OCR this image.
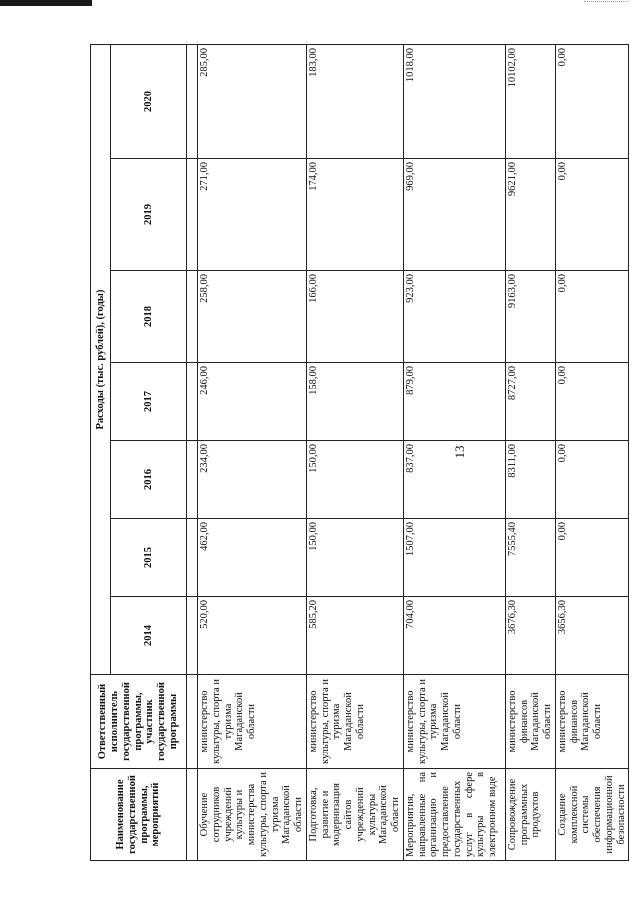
13
Наименование государственной программы, мероприятий	Ответственный исполнитель государственной программы, участник государственной программы	Расходы (тыс. рублей), (годы)						
		2014	2015	2016	2017	2018	2019	2020

Обучение сотрудников учреждений культуры и министерства культуры, спорта и туризма Магаданской области	министерство культуры, спорта и туризма Магаданской области	520,00	462,00	234,00	246,00	258,00	271,00	285,00
Подготовка, развитие и модернизация сайтов учреждений культуры Магаданской области	министерство культуры, спорта и туризма Магаданской области	585,20	150,00	150,00	158,00	166,00	174,00	183,00
Мероприятия, направленные на организацию и предоставление государственных услуг в сфере культуры в электронном виде	министерство культуры, спорта и туризма Магаданской области	704,00	1507,00	837,00	879,00	923,00	969,00	1018,00
Сопровождение программных продуктов	министерство финансов Магаданской области	3676,30	7555,40	8311,00	8727,00	9163,00	9621,00	10102,00
Создание комплексной системы обеспечения информационной безопасности	министерство финансов Магаданской области	3656,30	0,00	0,00	0,00	0,00	0,00	0,00
